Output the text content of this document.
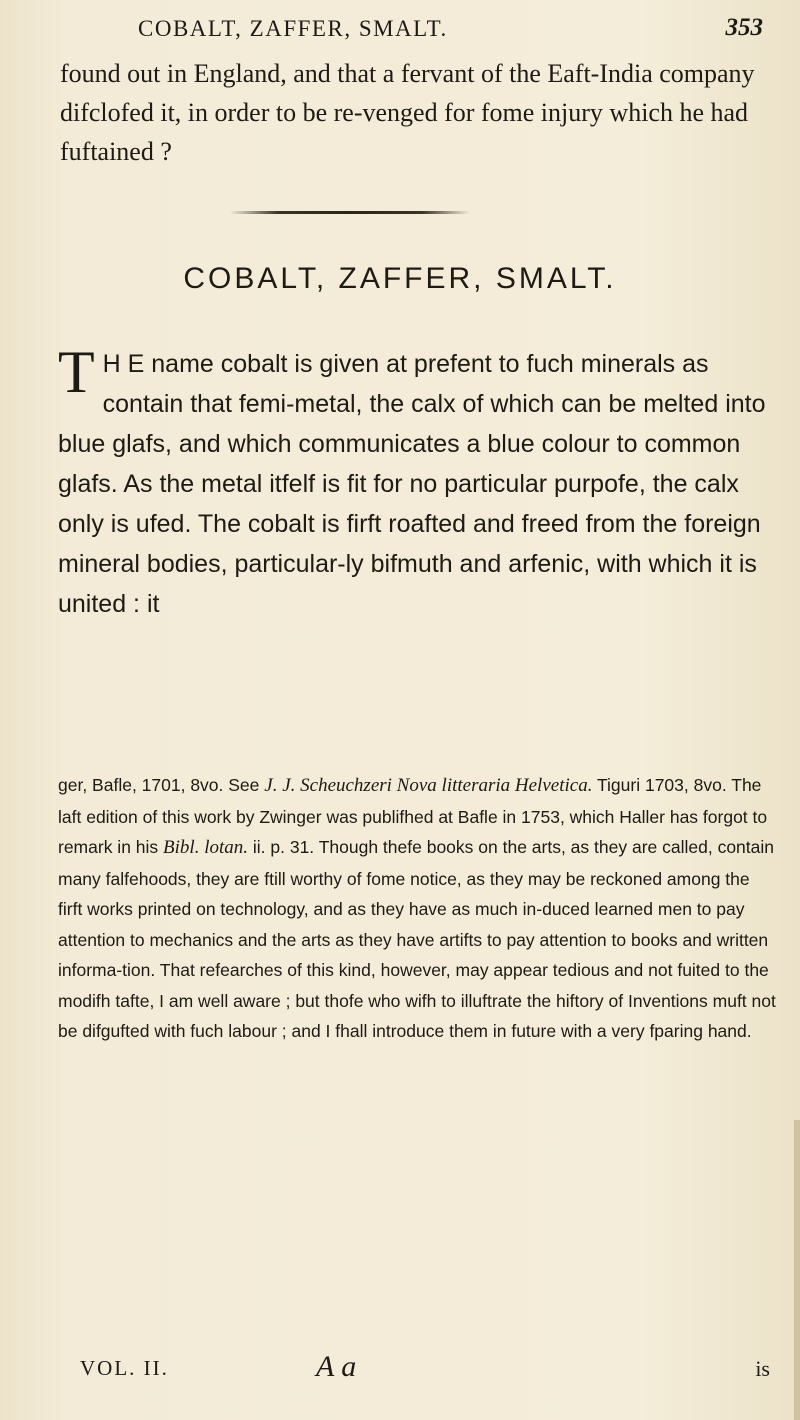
COBALT, ZAFFER, SMALT.	353

found out in England, and that a fervant of the Eaft-India company difclofed it, in order to be re-venged for fome injury which he had fuftained ?

COBALT, ZAFFER, SMALT.

T H E name cobalt is given at prefent to fuch minerals as contain that femi-metal, the calx of which can be melted into blue glafs, and which communicates a blue colour to common glafs. As the metal itfelf is fit for no particular purpofe, the calx only is ufed. The cobalt is firft roafted and freed from the foreign mineral bodies, particular-ly bifmuth and arfenic, with which it is united : it

ger, Bafle, 1701, 8vo. See J. J. Scheuchzeri Nova litteraria Helvetica. Tiguri 1703, 8vo. The laft edition of this work by Zwinger was publifhed at Bafle in 1753, which Haller has forgot to remark in his Bibl. lotan. ii. p. 31. Though thefe books on the arts, as they are called, contain many falfehoods, they are ftill worthy of fome notice, as they may be reckoned among the firft works printed on technology, and as they have as much in-duced learned men to pay attention to mechanics and the arts as they have artifts to pay attention to books and written informa-tion. That refearches of this kind, however, may appear tedious and not fuited to the modifh tafte, I am well aware ; but thofe who wifh to illuftrate the hiftory of Inventions muft not be difgufted with fuch labour ; and I fhall introduce them in future with a very fparing hand.

VOL. II.	A a	is
